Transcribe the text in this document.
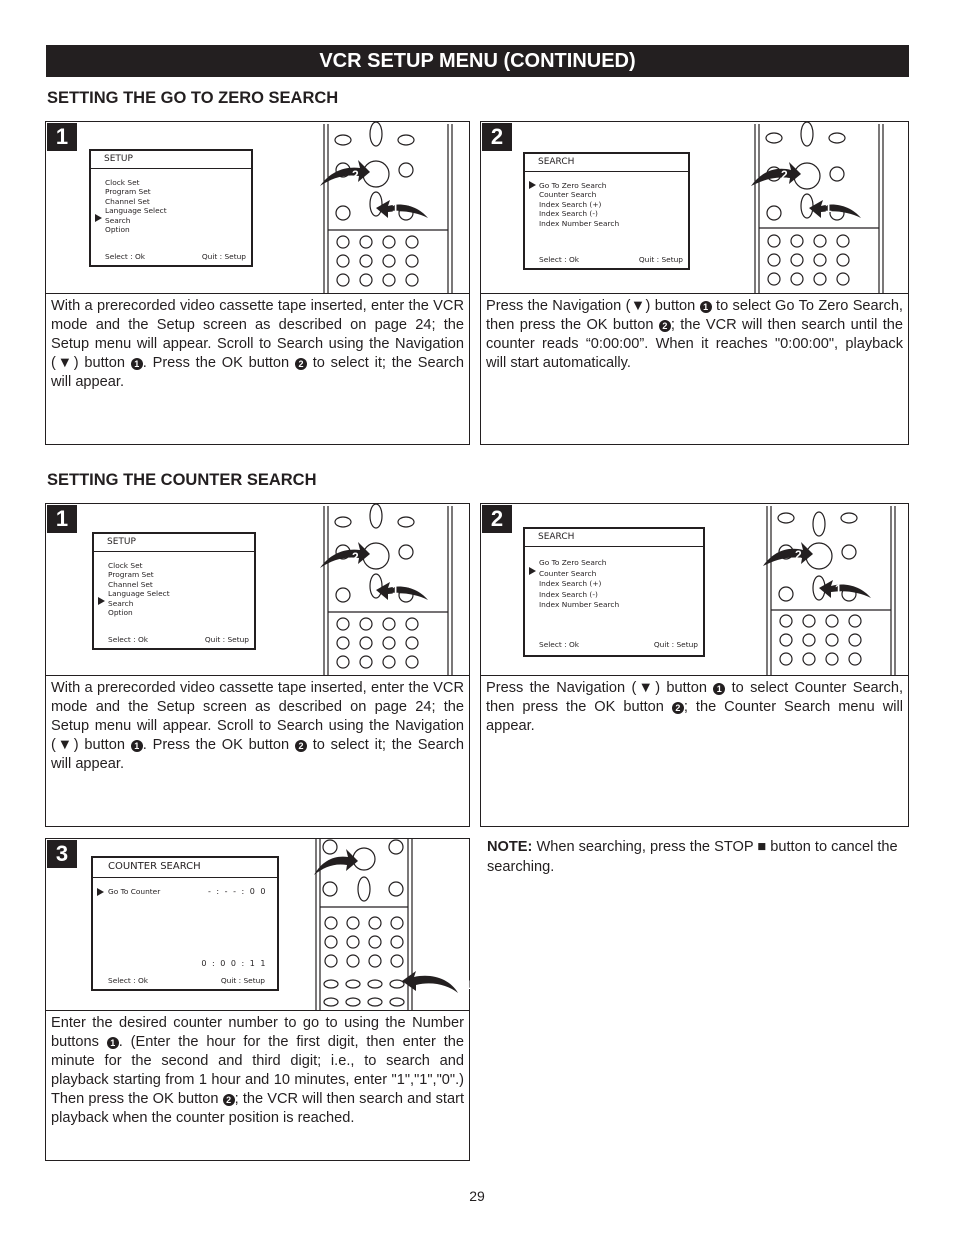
VCR SETUP MENU (CONTINUED)
SETTING THE GO TO ZERO SEARCH
1
SETUP
Clock Set
Program Set
Channel Set
Language Select
Search
Option
Select : Ok	Quit : Setup
2
1
With a prerecorded video cassette tape inserted, enter the VCR mode and the Setup screen as described on page 24; the Setup menu will appear. Scroll to Search using the Navigation (▼) button 1 . Press the OK button 2 to select it; the Search will appear.
2
SEARCH
Go To Zero Search
Counter Search
Index Search (+)
Index Search (-)
Index Number Search
Select : Ok	Quit : Setup
2
1
Press the Navigation (▼) button 1 to select Go To Zero Search, then press the OK button 2 ; the VCR will then search until the counter reads “0:00:00”. When it reaches "0:00:00", playback will start automatically.
SETTING THE COUNTER SEARCH
1
SETUP
Clock Set
Program Set
Channel Set
Language Select
Search
Option
Select : Ok	Quit : Setup
2
1
With a prerecorded video cassette tape inserted, enter the VCR mode and the Setup screen as described on page 24; the Setup menu will appear. Scroll to Search using the Navigation (▼) button 1 . Press the OK button 2 to select it; the Search will appear.
2
SEARCH
Go To Zero Search
Counter Search
Index Search (+)
Index Search (-)
Index Number Search
Select : Ok	Quit : Setup
2
1
Press the Navigation (▼) button 1 to select Counter Search, then press the OK button 2 ; the Counter Search menu will appear.
3
COUNTER SEARCH
Go To Counter	- : - - : 0 0
0 : 0 0 : 1 1
Select : Ok	Quit : Setup
2
1
Enter the desired counter number to go to using the Number buttons 1 . (Enter the hour for the first digit, then enter the minute for the second and third digit; i.e., to search and playback starting from 1 hour and 10 minutes, enter "1","1","0".) Then press the OK button 2 ; the VCR will then search and start playback when the counter position is reached.
NOTE: When searching, press the STOP ■ button to cancel the searching.
29
